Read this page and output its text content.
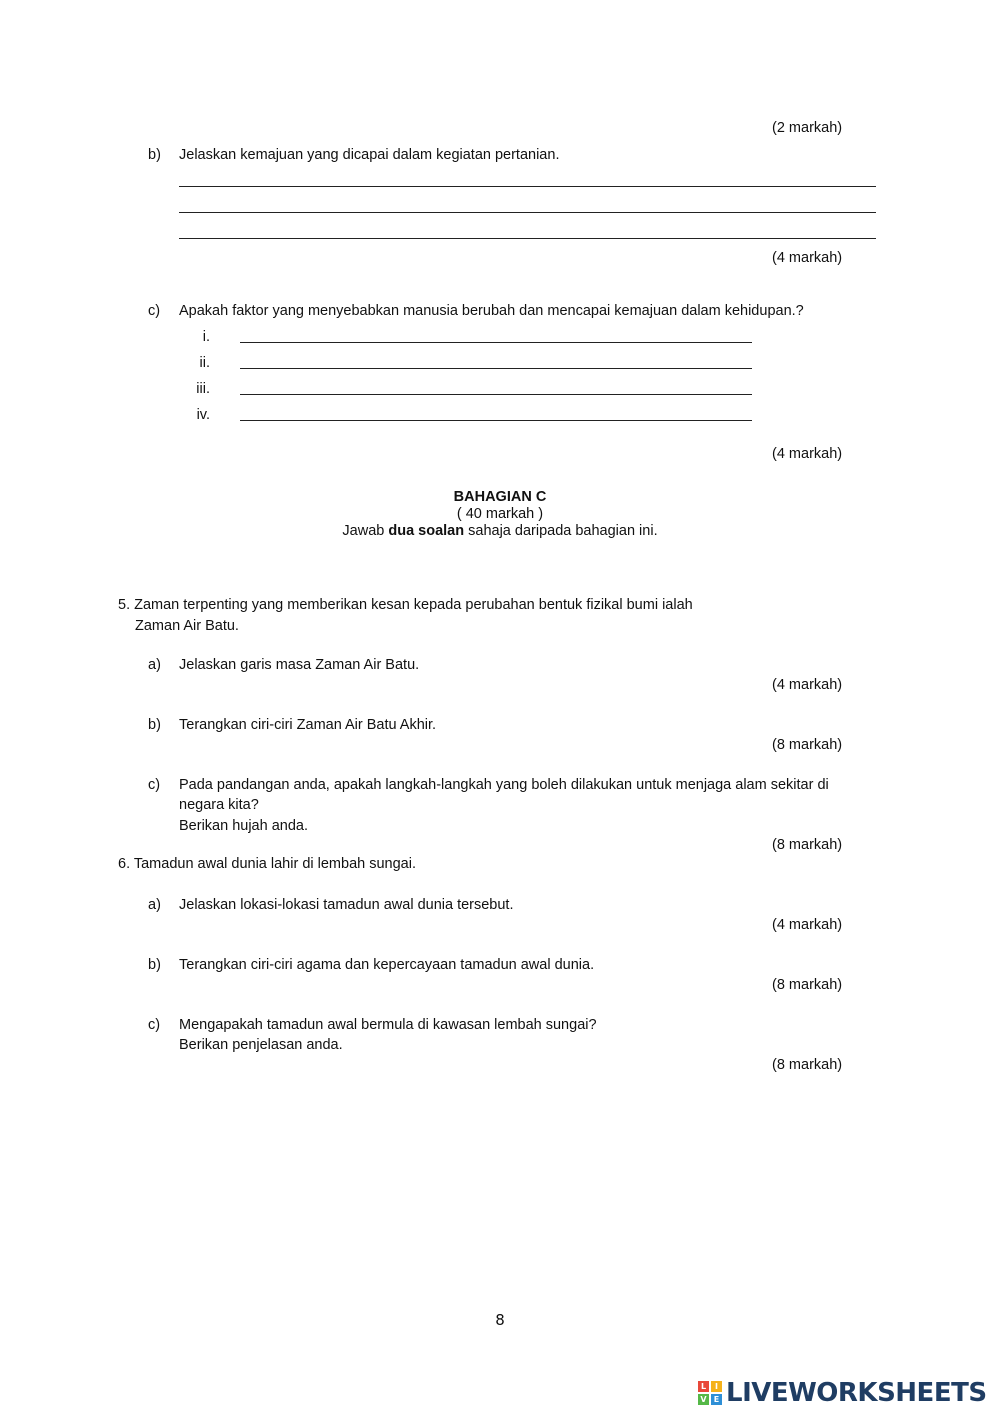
(2 markah)
b) Jelaskan kemajuan yang dicapai dalam kegiatan pertanian.
(4 markah)
c) Apakah faktor yang menyebabkan manusia berubah dan mencapai kemajuan dalam kehidupan.?
i.
ii.
iii.
iv.
(4 markah)
BAHAGIAN C
( 40 markah )
Jawab dua soalan sahaja daripada bahagian ini.
5. Zaman terpenting yang memberikan kesan kepada perubahan bentuk fizikal bumi ialah
Zaman Air Batu.
a) Jelaskan garis masa Zaman Air Batu.
(4 markah)
b) Terangkan ciri-ciri Zaman Air Batu Akhir.
(8 markah)
c) Pada pandangan anda, apakah langkah-langkah yang boleh dilakukan untuk menjaga alam sekitar di
negara kita?
Berikan hujah anda.
(8 markah)
6. Tamadun awal dunia lahir di lembah sungai.
a) Jelaskan lokasi-lokasi tamadun awal dunia tersebut.
(4 markah)
b) Terangkan ciri-ciri agama dan kepercayaan tamadun awal dunia.
(8 markah)
c) Mengapakah tamadun awal bermula di kawasan lembah sungai?
Berikan penjelasan anda.
(8 markah)
8
L	I
V E LIVEWORKSHEETS
